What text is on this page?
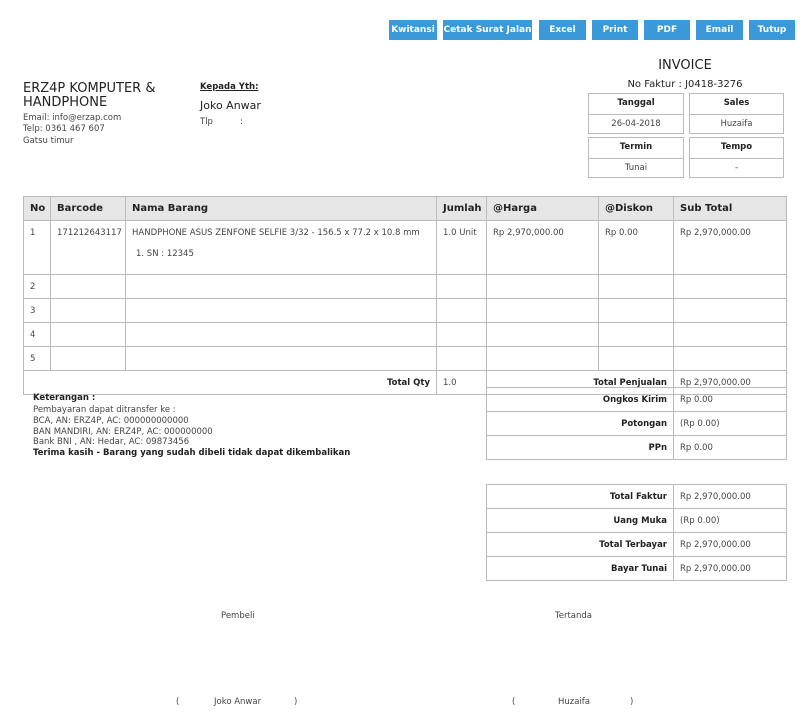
Kwitansi Cetak Surat Jalan	Excel	Print	PDF	Email	Tutup
ERZ4P KOMPUTER & HANDPHONE
Email: info@erzap.com
Telp: 0361 467 607
Gatsu timur
Kepada Yth:
Joko Anwar
Tlp	:
INVOICE
No Faktur : J0418-3276
Tanggal
26-04-2018
Sales
Huzaifa
Termin
Tunai
Tempo
-
No	Barcode	Nama Barang	Jumlah	@Harga	@Diskon	Sub Total
1	171212643117	HANDPHONE ASUS ZENFONE SELFIE 3/32 - 156.5 x 77.2 x 10.8 mm
1. SN : 12345	1.0 Unit	Rp 2,970,000.00	Rp 0.00	Rp 2,970,000.00
2						
3						
4						
5						
Total Qty			1.0	Total Penjualan		Rp 2,970,000.00
Keterangan :
Pembayaran dapat ditransfer ke :
BCA, AN: ERZ4P, AC: 000000000000
BAN MANDIRI, AN: ERZ4P, AC: 000000000
Bank BNI , AN: Hedar, AC: 09873456
Terima kasih - Barang yang sudah dibeli tidak dapat dikembalikan
Ongkos Kirim	Rp 0.00
Potongan	(Rp 0.00)
PPn	Rp 0.00
Total Faktur	Rp 2,970,000.00
Uang Muka	(Rp 0.00)
Total Terbayar	Rp 2,970,000.00
Bayar Tunai	Rp 2,970,000.00
Pembeli	Tertanda
(	Joko Anwar	)	(	Huzaifa	)
